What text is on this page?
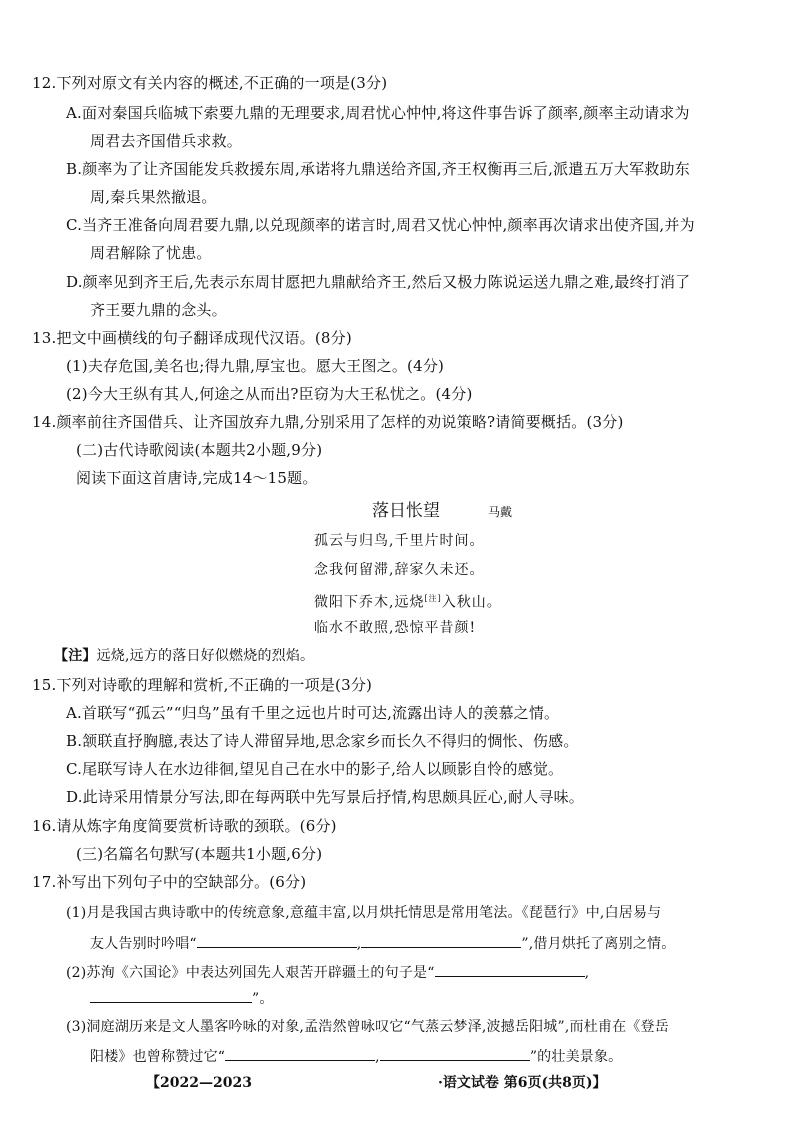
12.下列对原文有关内容的概述,不正确的一项是(3分)
A.面对秦国兵临城下索要九鼎的无理要求,周君忧心忡忡,将这件事告诉了颜率,颜率主动请求为
周君去齐国借兵求救。
B.颜率为了让齐国能发兵救援东周,承诺将九鼎送给齐国,齐王权衡再三后,派遣五万大军救助东
周,秦兵果然撤退。
C.当齐王准备向周君要九鼎,以兑现颜率的诺言时,周君又忧心忡忡,颜率再次请求出使齐国,并为
周君解除了忧患。
D.颜率见到齐王后,先表示东周甘愿把九鼎献给齐王,然后又极力陈说运送九鼎之难,最终打消了
齐王要九鼎的念头。
13.把文中画横线的句子翻译成现代汉语。(8分)
(1)夫存危国,美名也;得九鼎,厚宝也。愿大王图之。(4分)
(2)今大王纵有其人,何途之从而出?臣窃为大王私忧之。(4分)
14.颜率前往齐国借兵、让齐国放弃九鼎,分别采用了怎样的劝说策略?请简要概括。(3分)
(二)古代诗歌阅读(本题共2小题,9分)
阅读下面这首唐诗,完成14～15题。
落日怅望	马戴
孤云与归鸟,千里片时间。
念我何留滞,辞家久未还。
微阳下乔木,远烧[注]入秋山。
临水不敢照,恐惊平昔颜!
【注】远烧,远方的落日好似燃烧的烈焰。
15.下列对诗歌的理解和赏析,不正确的一项是(3分)
A.首联写“孤云”“归鸟”虽有千里之远也片时可达,流露出诗人的羡慕之情。
B.颔联直抒胸臆,表达了诗人滞留异地,思念家乡而长久不得归的惆怅、伤感。
C.尾联写诗人在水边徘徊,望见自己在水中的影子,给人以顾影自怜的感觉。
D.此诗采用情景分写法,即在每两联中先写景后抒情,构思颇具匠心,耐人寻味。
16.请从炼字角度简要赏析诗歌的颈联。(6分)
(三)名篇名句默写(本题共1小题,6分)
17.补写出下列句子中的空缺部分。(6分)
(1)月是我国古典诗歌中的传统意象,意蕴丰富,以月烘托情思是常用笔法。《琵琶行》中,白居易与
友人告别时吟唱“	,	”,借月烘托了离别之情。
(2)苏洵《六国论》中表达列国先人艰苦开辟疆土的句子是“	,
”。
(3)洞庭湖历来是文人墨客吟咏的对象,孟浩然曾咏叹它“气蒸云梦泽,波撼岳阳城”,而杜甫在《登岳
阳楼》也曾称赞过它“	,	”的壮美景象。
【2022—2023	·语文试卷 第6页(共8页)】
